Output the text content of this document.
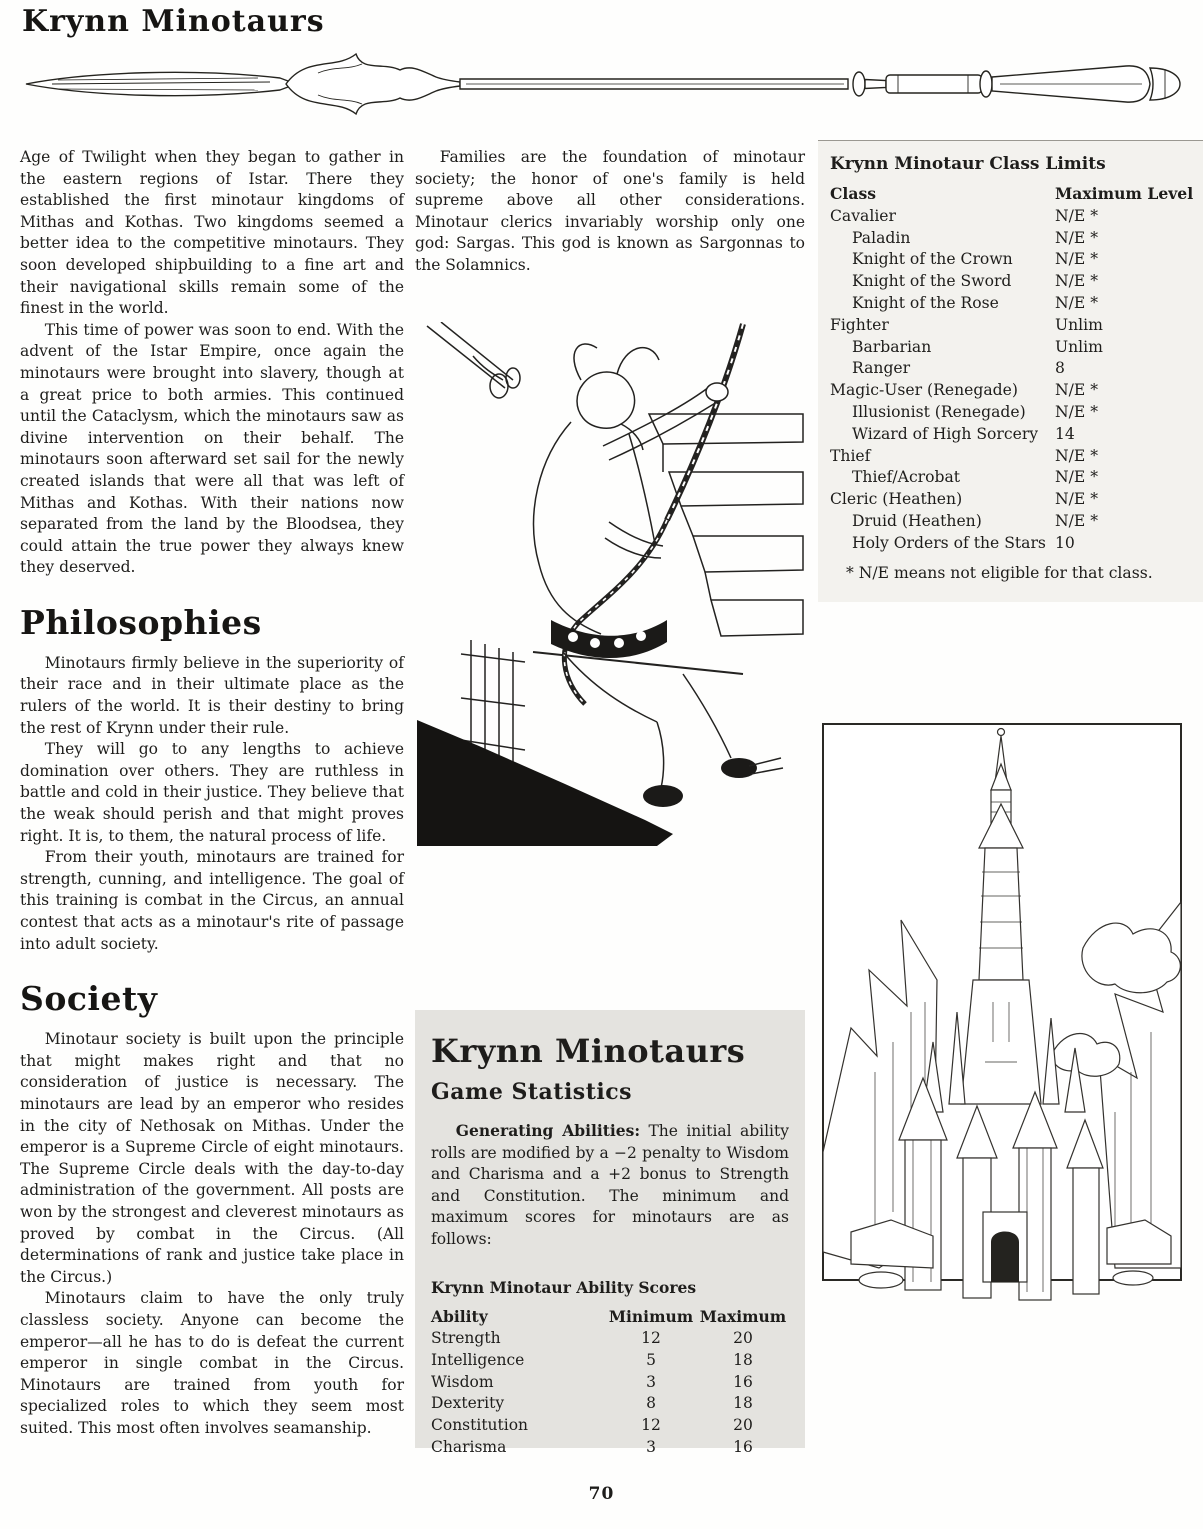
Krynn Minotaurs

Age of Twilight when they began to gather in the eastern regions of Istar. There they established the first minotaur kingdoms of Mithas and Kothas. Two kingdoms seemed a better idea to the competitive minotaurs. They soon developed shipbuilding to a fine art and their navigational skills remain some of the finest in the world.

This time of power was soon to end. With the advent of the Istar Empire, once again the minotaurs were brought into slavery, though at a great price to both armies. This continued until the Cataclysm, which the minotaurs saw as divine intervention on their behalf. The minotaurs soon afterward set sail for the newly created islands that were all that was left of Mithas and Kothas. With their nations now separated from the land by the Bloodsea, they could attain the true power they always knew they deserved.

Philosophies

Minotaurs firmly believe in the superiority of their race and in their ultimate place as the rulers of the world. It is their destiny to bring the rest of Krynn under their rule.

They will go to any lengths to achieve domination over others. They are ruthless in battle and cold in their justice. They believe that the weak should perish and that might proves right. It is, to them, the natural process of life.

From their youth, minotaurs are trained for strength, cunning, and intelligence. The goal of this training is combat in the Circus, an annual contest that acts as a minotaur's rite of passage into adult society.

Society

Minotaur society is built upon the principle that might makes right and that no consideration of justice is necessary. The minotaurs are lead by an emperor who resides in the city of Nethosak on Mithas. Under the emperor is a Supreme Circle of eight minotaurs. The Supreme Circle deals with the day-to-day administration of the government. All posts are won by the strongest and cleverest minotaurs as proved by combat in the Circus. (All determinations of rank and justice take place in the Circus.)

Minotaurs claim to have the only truly classless society. Anyone can become the emperor—all he has to do is defeat the current emperor in single combat in the Circus. Minotaurs are trained from youth for specialized roles to which they seem most suited. This most often involves seamanship.

Families are the foundation of minotaur society; the honor of one's family is held supreme above all other considerations. Minotaur clerics invariably worship only one god: Sargas. This god is known as Sargonnas to the Solamnics.

Krynn Minotaurs
Game Statistics

Generating Abilities: The initial ability rolls are modified by a −2 penalty to Wisdom and Charisma and a +2 bonus to Strength and Constitution. The minimum and maximum scores for minotaurs are as follows:

Krynn Minotaur Ability Scores
Ability	Minimum Maximum
Strength	12	20
Intelligence	5	18
Wisdom	3	16
Dexterity	8	18
Constitution	12	20
Charisma	3	16
Krynn Minotaur Class Limits
Class	Maximum Level
Cavalier	N/E *
Paladin	N/E *
Knight of the Crown	N/E *
Knight of the Sword	N/E *
Knight of the Rose	N/E *
Fighter	Unlim
Barbarian	Unlim
Ranger	8
Magic-User (Renegade)	N/E *
Illusionist (Renegade)	N/E *
Wizard of High Sorcery	14
Thief	N/E *
Thief/Acrobat	N/E *
Cleric (Heathen)	N/E *
Druid (Heathen)	N/E *
Holy Orders of the Stars 10
* N/E means not eligible for that class.
70
